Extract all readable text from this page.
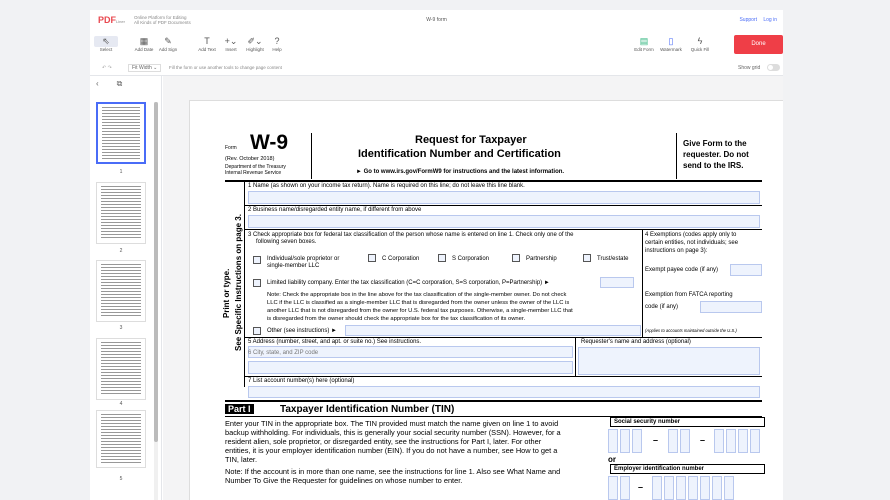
PDFLiner
Online Platform for Editing
All Kinds of PDF Documents	W-9 form	Support Log in
⇖
Select
▦
Add Date
✎
Add Sign
T
Add Text
+⌄
Insert
✐⌄
Highlight
?
Help
▤
Edit Form
▯
Watermark
ϟ
Quick Fill
Done
↶ ↷	Fit Width ⌄	Fill the form or use another tools to change page content	Show grid
‹ ⧉
1
2
3
4
5
Form W-9
(Rev. October 2018)
Department of the Treasury
Internal Revenue Service
Request for Taxpayer
Identification Number and Certification
► Go to www.irs.gov/FormW9 for instructions and the latest information.
Give Form to the
requester. Do not
send to the IRS.
Print or type. See Specific Instructions on page 3.
1 Name (as shown on your income tax return). Name is required on this line; do not leave this line blank.
2 Business name/disregarded entity name, if different from above
3 Check appropriate box for federal tax classification of the person whose name is entered on line 1. Check only one of the
following seven boxes.
Individual/sole proprietor or
single-member LLC
C Corporation	S Corporation	Partnership	Trust/estate
Limited liability company. Enter the tax classification (C=C corporation, S=S corporation, P=Partnership) ►
Note: Check the appropriate box in the line above for the tax classification of the single-member owner. Do not check
LLC if the LLC is classified as a single-member LLC that is disregarded from the owner unless the owner of the LLC is
another LLC that is not disregarded from the owner for U.S. federal tax purposes. Otherwise, a single-member LLC that
is disregarded from the owner should check the appropriate box for the tax classification of its owner.
Other (see instructions) ►
4 Exemptions (codes apply only to
certain entities, not individuals; see
instructions on page 3):
Exempt payee code (if any)
Exemption from FATCA reporting
code (if any)
(Applies to accounts maintained outside the U.S.)
5 Address (number, street, and apt. or suite no.) See instructions.	Requester's name and address (optional)
6 City, state, and ZIP code
7 List account number(s) here (optional)
Part I	Taxpayer Identification Number (TIN)
Enter your TIN in the appropriate box. The TIN provided must match the name given on line 1 to avoid
backup withholding. For individuals, this is generally your social security number (SSN). However, for a
resident alien, sole proprietor, or disregarded entity, see the instructions for Part I, later. For other
entities, it is your employer identification number (EIN). If you do not have a number, see How to get a
TIN, later.
Note: If the account is in more than one name, see the instructions for line 1. Also see What Name and
Number To Give the Requester for guidelines on whose number to enter.
Social security number
–	–
or
Employer identification number
–
